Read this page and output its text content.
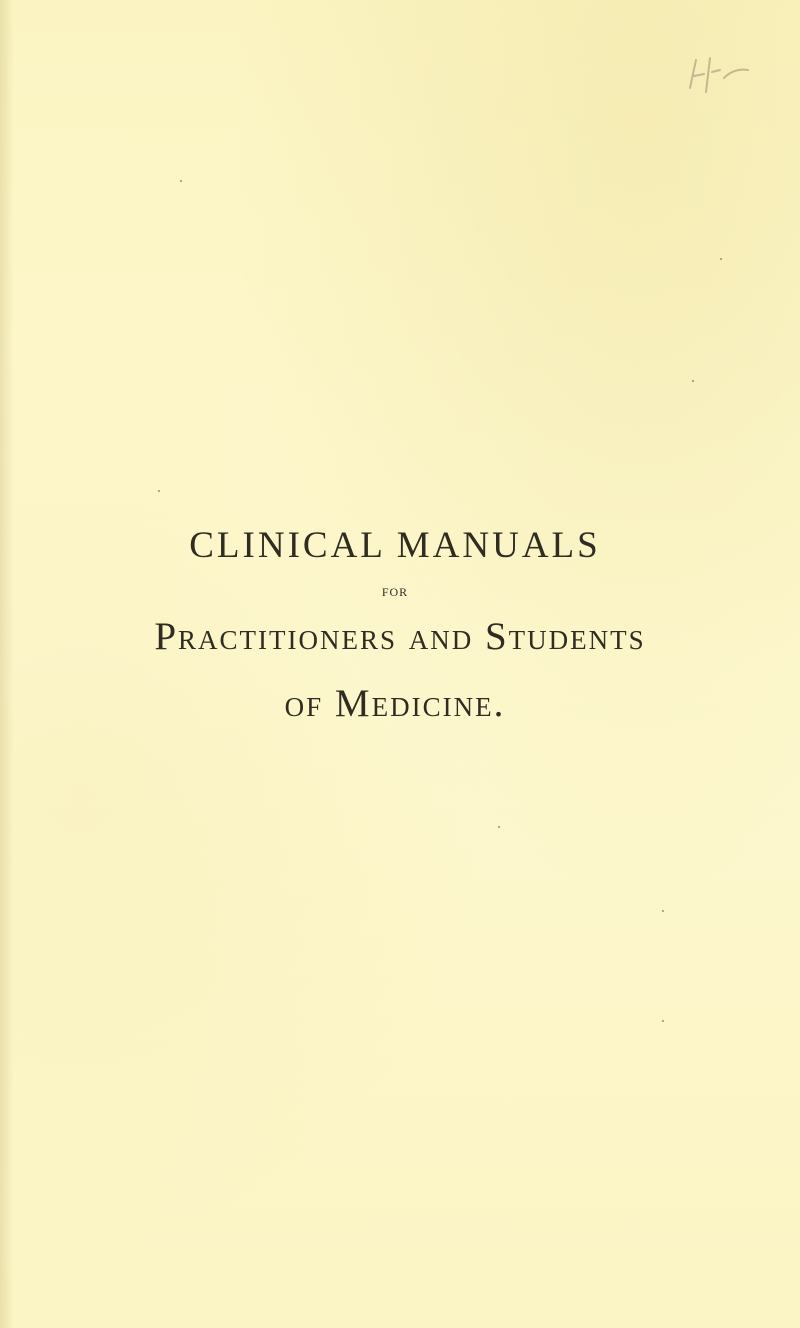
CLINICAL MANUALS
FOR
Practitioners and Students
of Medicine.
